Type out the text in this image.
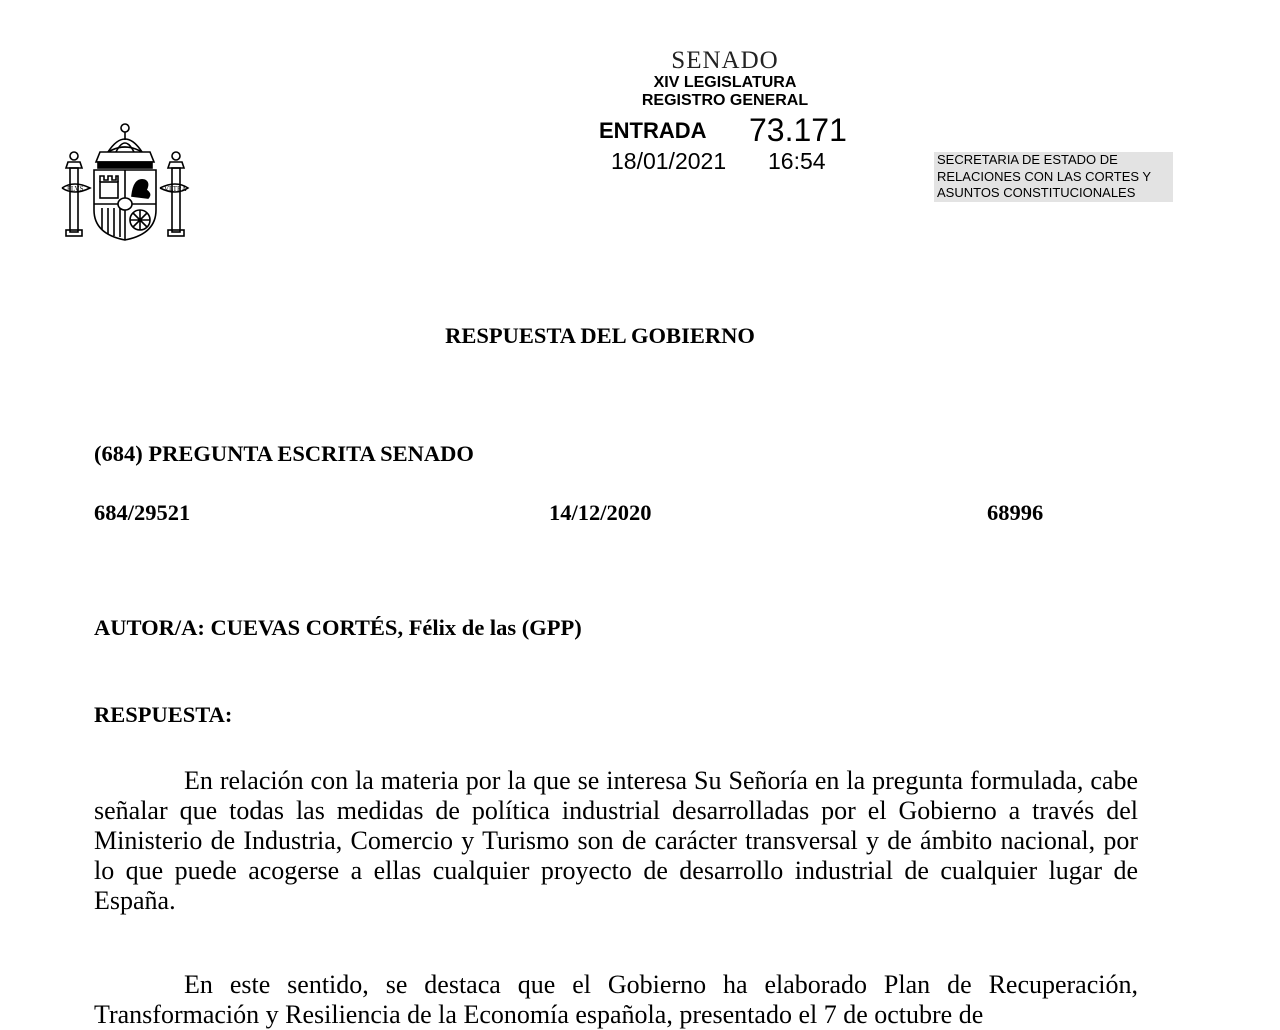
PLVS	VLTRA
SENADO
XIV LEGISLATURA
REGISTRO GENERAL
ENTRADA 73.171
18/01/2021 16:54	SECRETARIA DE ESTADO DE
RELACIONES CON LAS CORTES Y
ASUNTOS CONSTITUCIONALES
RESPUESTA DEL GOBIERNO
(684) PREGUNTA ESCRITA SENADO
684/29521	14/12/2020	68996
AUTOR/A: CUEVAS CORTÉS, Félix de las (GPP)
RESPUESTA:
En relación con la materia por la que se interesa Su Señoría en la pregunta formulada, cabe señalar que todas las medidas de política industrial desarrolladas por el Gobierno a través del Ministerio de Industria, Comercio y Turismo son de carácter transversal y de ámbito nacional, por lo que puede acogerse a ellas cualquier proyecto de desarrollo industrial de cualquier lugar de España.
En este sentido, se destaca que el Gobierno ha elaborado Plan de Recuperación, Transformación y Resiliencia de la Economía española, presentado el 7 de octubre de
